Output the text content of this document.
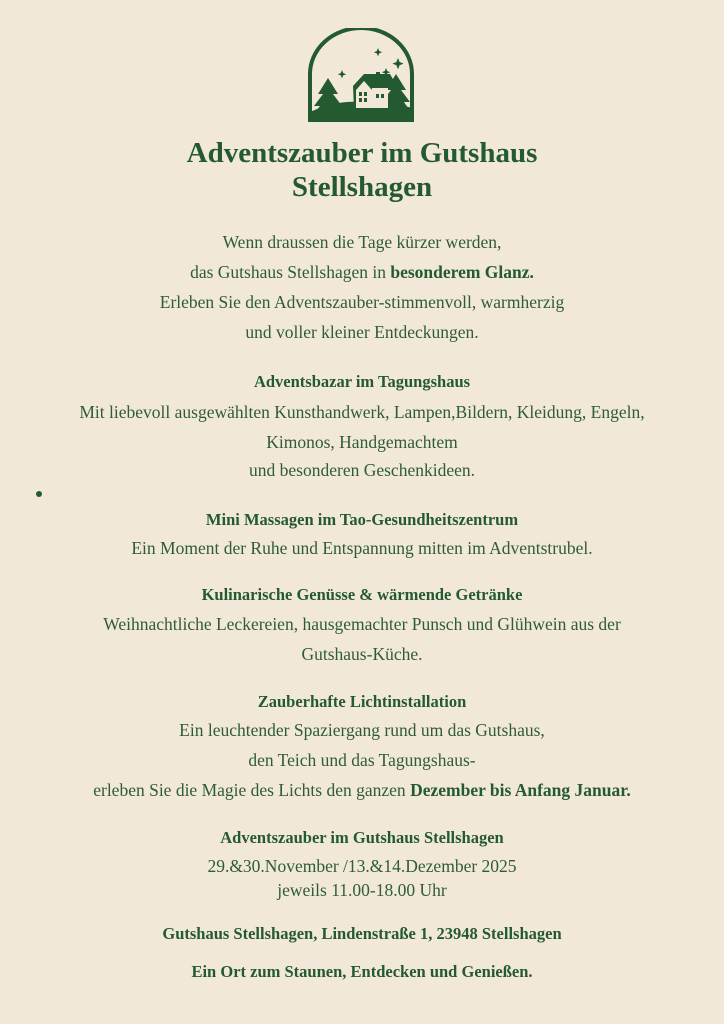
Adventszauber im Gutshaus
Stellshagen
Wenn draussen die Tage kürzer werden,
das Gutshaus Stellshagen in besonderem Glanz.
Erleben Sie den Adventszauber-stimmenvoll, warmherzig
und voller kleiner Entdeckungen.
Adventsbazar im Tagungshaus
Mit liebevoll ausgewählten Kunsthandwerk, Lampen,Bildern, Kleidung, Engeln,
Kimonos, Handgemachtem
und besonderen Geschenkideen.
Mini Massagen im Tao-Gesundheitszentrum
Ein Moment der Ruhe und Entspannung mitten im Adventstrubel.
Kulinarische Genüsse & wärmende Getränke
Weihnachtliche Leckereien, hausgemachter Punsch und Glühwein aus der
Gutshaus-Küche.
Zauberhafte Lichtinstallation
Ein leuchtender Spaziergang rund um das Gutshaus,
den Teich und das Tagungshaus-
erleben Sie die Magie des Lichts den ganzen Dezember bis Anfang Januar.
Adventszauber im Gutshaus Stellshagen
29.&30.November /13.&14.Dezember 2025
jeweils 11.00-18.00 Uhr
Gutshaus Stellshagen, Lindenstraße 1, 23948 Stellshagen
Ein Ort zum Staunen, Entdecken und Genießen.
